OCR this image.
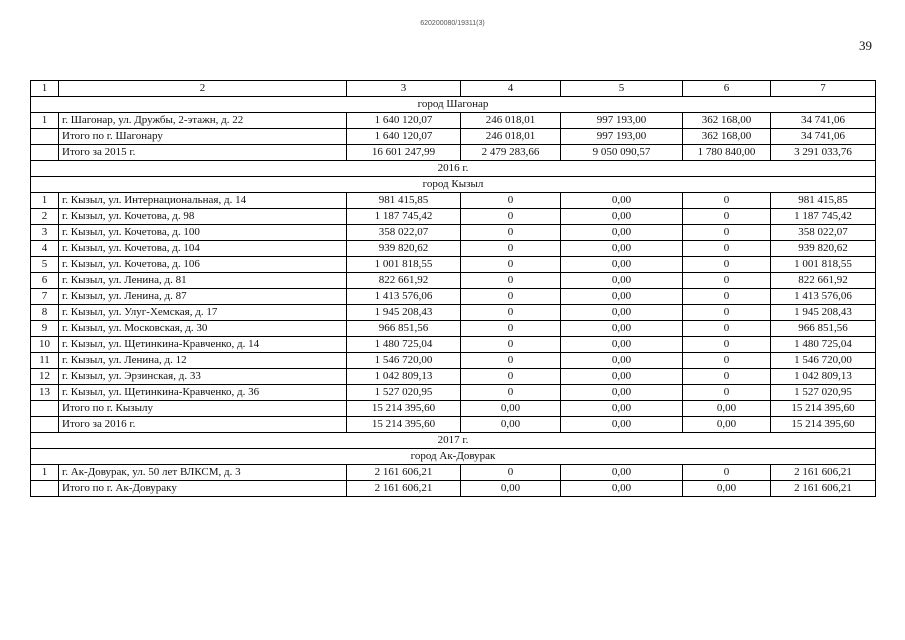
620200080/19311(3)
39
1	2	3	4	5	6	7
город Шагонар						
1	г. Шагонар, ул. Дружбы, 2-этажн, д. 22	1 640 120,07	246 018,01	997 193,00	362 168,00	34 741,06
	Итого по г. Шагонару	1 640 120,07	246 018,01	997 193,00	362 168,00	34 741,06
	Итого за 2015 г.	16 601 247,99	2 479 283,66	9 050 090,57	1 780 840,00	3 291 033,76
2016 г.						
город Кызыл						
1	г. Кызыл, ул. Интернациональная, д. 14	981 415,85	0	0,00	0	981 415,85
2	г. Кызыл, ул. Кочетова, д. 98	1 187 745,42	0	0,00	0	1 187 745,42
3	г. Кызыл, ул. Кочетова, д. 100	358 022,07	0	0,00	0	358 022,07
4	г. Кызыл, ул. Кочетова, д. 104	939 820,62	0	0,00	0	939 820,62
5	г. Кызыл, ул. Кочетова, д. 106	1 001 818,55	0	0,00	0	1 001 818,55
6	г. Кызыл, ул. Ленина, д. 81	822 661,92	0	0,00	0	822 661,92
7	г. Кызыл, ул. Ленина, д. 87	1 413 576,06	0	0,00	0	1 413 576,06
8	г. Кызыл, ул. Улуг-Хемская, д. 17	1 945 208,43	0	0,00	0	1 945 208,43
9	г. Кызыл, ул. Московская, д. 30	966 851,56	0	0,00	0	966 851,56
10	г. Кызыл, ул. Щетинкина-Кравченко, д. 14	1 480 725,04	0	0,00	0	1 480 725,04
11	г. Кызыл, ул. Ленина, д. 12	1 546 720,00	0	0,00	0	1 546 720,00
12	г. Кызыл, ул. Эрзинская, д. 33	1 042 809,13	0	0,00	0	1 042 809,13
13	г. Кызыл, ул. Щетинкина-Кравченко, д. 36	1 527 020,95	0	0,00	0	1 527 020,95
	Итого по г. Кызылу	15 214 395,60	0,00	0,00	0,00	15 214 395,60
	Итого за 2016 г.	15 214 395,60	0,00	0,00	0,00	15 214 395,60
2017 г.						
город Ак-Довурак						
1	г. Ак-Довурак, ул. 50 лет ВЛКСМ, д. 3	2 161 606,21	0	0,00	0	2 161 606,21
	Итого по г. Ак-Довураку	2 161 606,21	0,00	0,00	0,00	2 161 606,21
